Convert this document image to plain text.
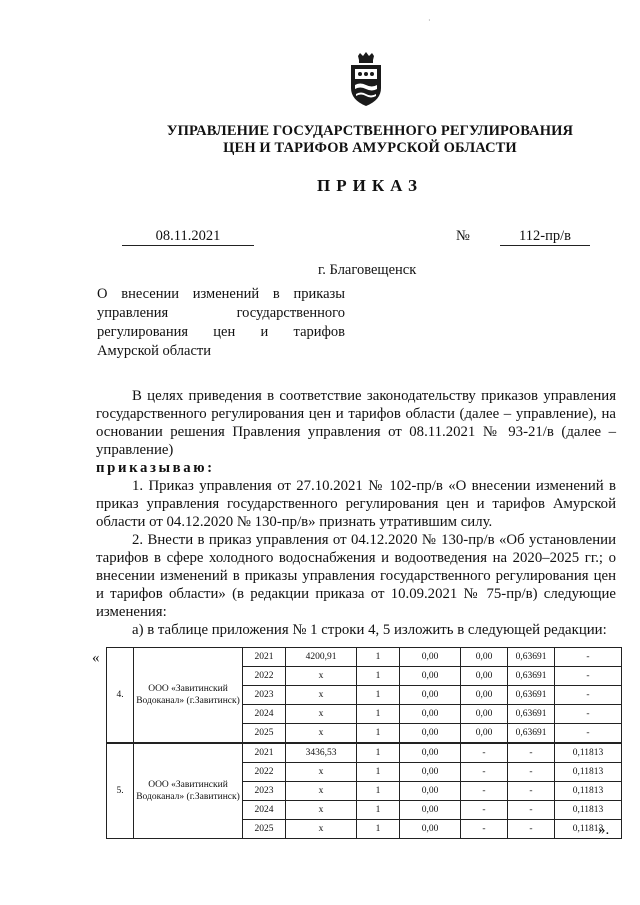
·
УПРАВЛЕНИЕ ГОСУДАРСТВЕННОГО РЕГУЛИРОВАНИЯ
ЦЕН И ТАРИФОВ АМУРСКОЙ ОБЛАСТИ
ПРИКАЗ
08.11.2021	№	112-пр/в
г. Благовещенск
О внесении изменений в приказы
управления государственного
регулирования цен и тарифов
Амурской области

В целях приведения в соответствие законодательству приказов управления государственного регулирования цен и тарифов области (далее – управление), на основании решения Правления управления от 08.11.2021 № 93-21/в (далее – управление)

приказываю:

1. Приказ управления от 27.10.2021 № 102-пр/в «О внесении изменений в приказ управления государственного регулирования цен и тарифов Амурской области от 04.12.2020 № 130-пр/в» признать утратившим силу.

2. Внести в приказ управления от 04.12.2020 № 130-пр/в «Об установлении тарифов в сфере холодного водоснабжения и водоотведения на 2020–2025 гг.; о внесении изменений в приказы управления государственного регулирования цен и тарифов области» (в редакции приказа от 10.09.2021 № 75-пр/в) следующие изменения:

а) в таблице приложения № 1 строки 4, 5 изложить в следующей редакции:

«
4.	ООО «Завитинский Водоканал» (г.Завитинск)	2021	4200,91	1	0,00	0,00	0,63691	-
		2022	x	1	0,00	0,00	0,63691	-
		2023	x	1	0,00	0,00	0,63691	-
		2024	x	1	0,00	0,00	0,63691	-
		2025	x	1	0,00	0,00	0,63691	-
5.	ООО «Завитинский Водоканал» (г.Завитинск)	2021	3436,53	1	0,00	-	-	0,11813
		2022	x	1	0,00	-	-	0,11813
		2023	x	1	0,00	-	-	0,11813
		2024	x	1	0,00	-	-	0,11813
		2025	x	1	0,00	-	-	0,11813
».
